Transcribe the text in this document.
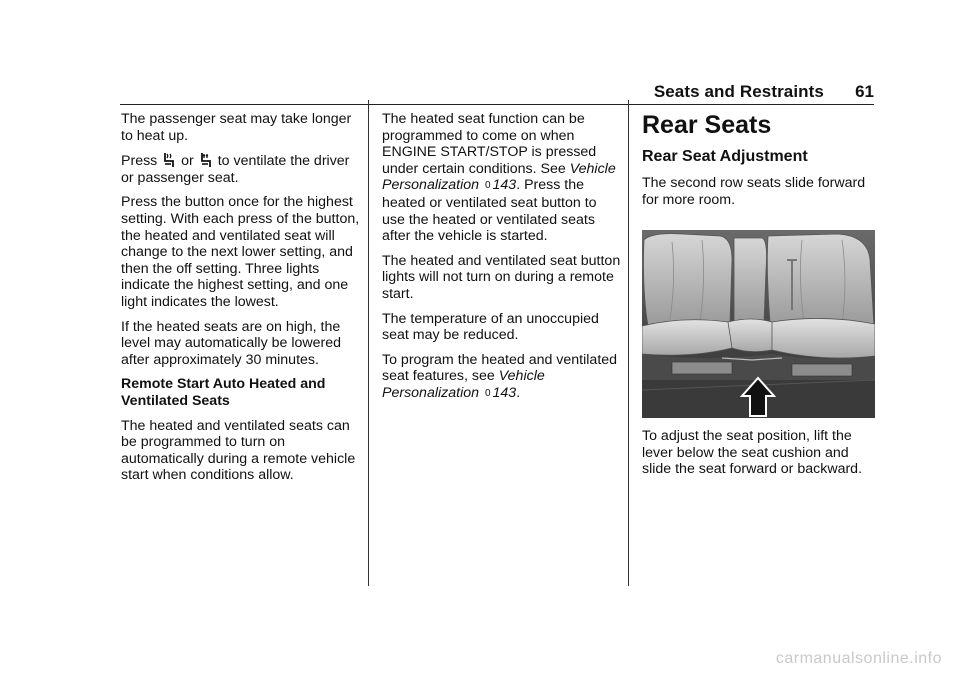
Seats and Restraints 61

The passenger seat may take longer to heat up.

Press or to ventilate the driver or passenger seat.

Press the button once for the highest setting. With each press of the button, the heated and ventilated seat will change to the next lower setting, and then the off setting. Three lights indicate the highest setting, and one light indicates the lowest.

If the heated seats are on high, the level may automatically be lowered after approximately 30 minutes.

Remote Start Auto Heated and Ventilated Seats

The heated and ventilated seats can be programmed to turn on automatically during a remote vehicle start when conditions allow.

The heated seat function can be programmed to come on when ENGINE START/STOP is pressed under certain conditions. See Vehicle Personalization 0 143. Press the heated or ventilated seat button to use the heated or ventilated seats after the vehicle is started.

The heated and ventilated seat button lights will not turn on during a remote start.

The temperature of an unoccupied seat may be reduced.

To program the heated and ventilated seat features, see Vehicle Personalization 0 143.

Rear Seats
Rear Seat Adjustment

The second row seats slide forward for more room.

To adjust the seat position, lift the lever below the seat cushion and slide the seat forward or backward.

carmanualsonline.info
